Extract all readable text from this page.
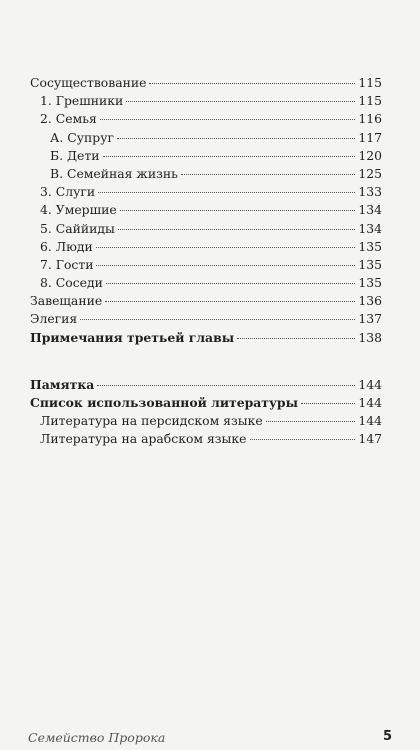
Сосуществование	115
1. Грешники	115
2. Семья	116
А. Супруг	117
Б. Дети	120
В. Семейная жизнь	125
3. Слуги	133
4. Умершие	134
5. Саййиды	134
6. Люди	135
7. Гости	135
8. Соседи	135
Завещание	136
Элегия	137
Примечания третьей главы	138
Памятка	144
Список использованной литературы	144
Литература на персидском языке	144
Литература на арабском языке	147
Семейство Пророка	5
